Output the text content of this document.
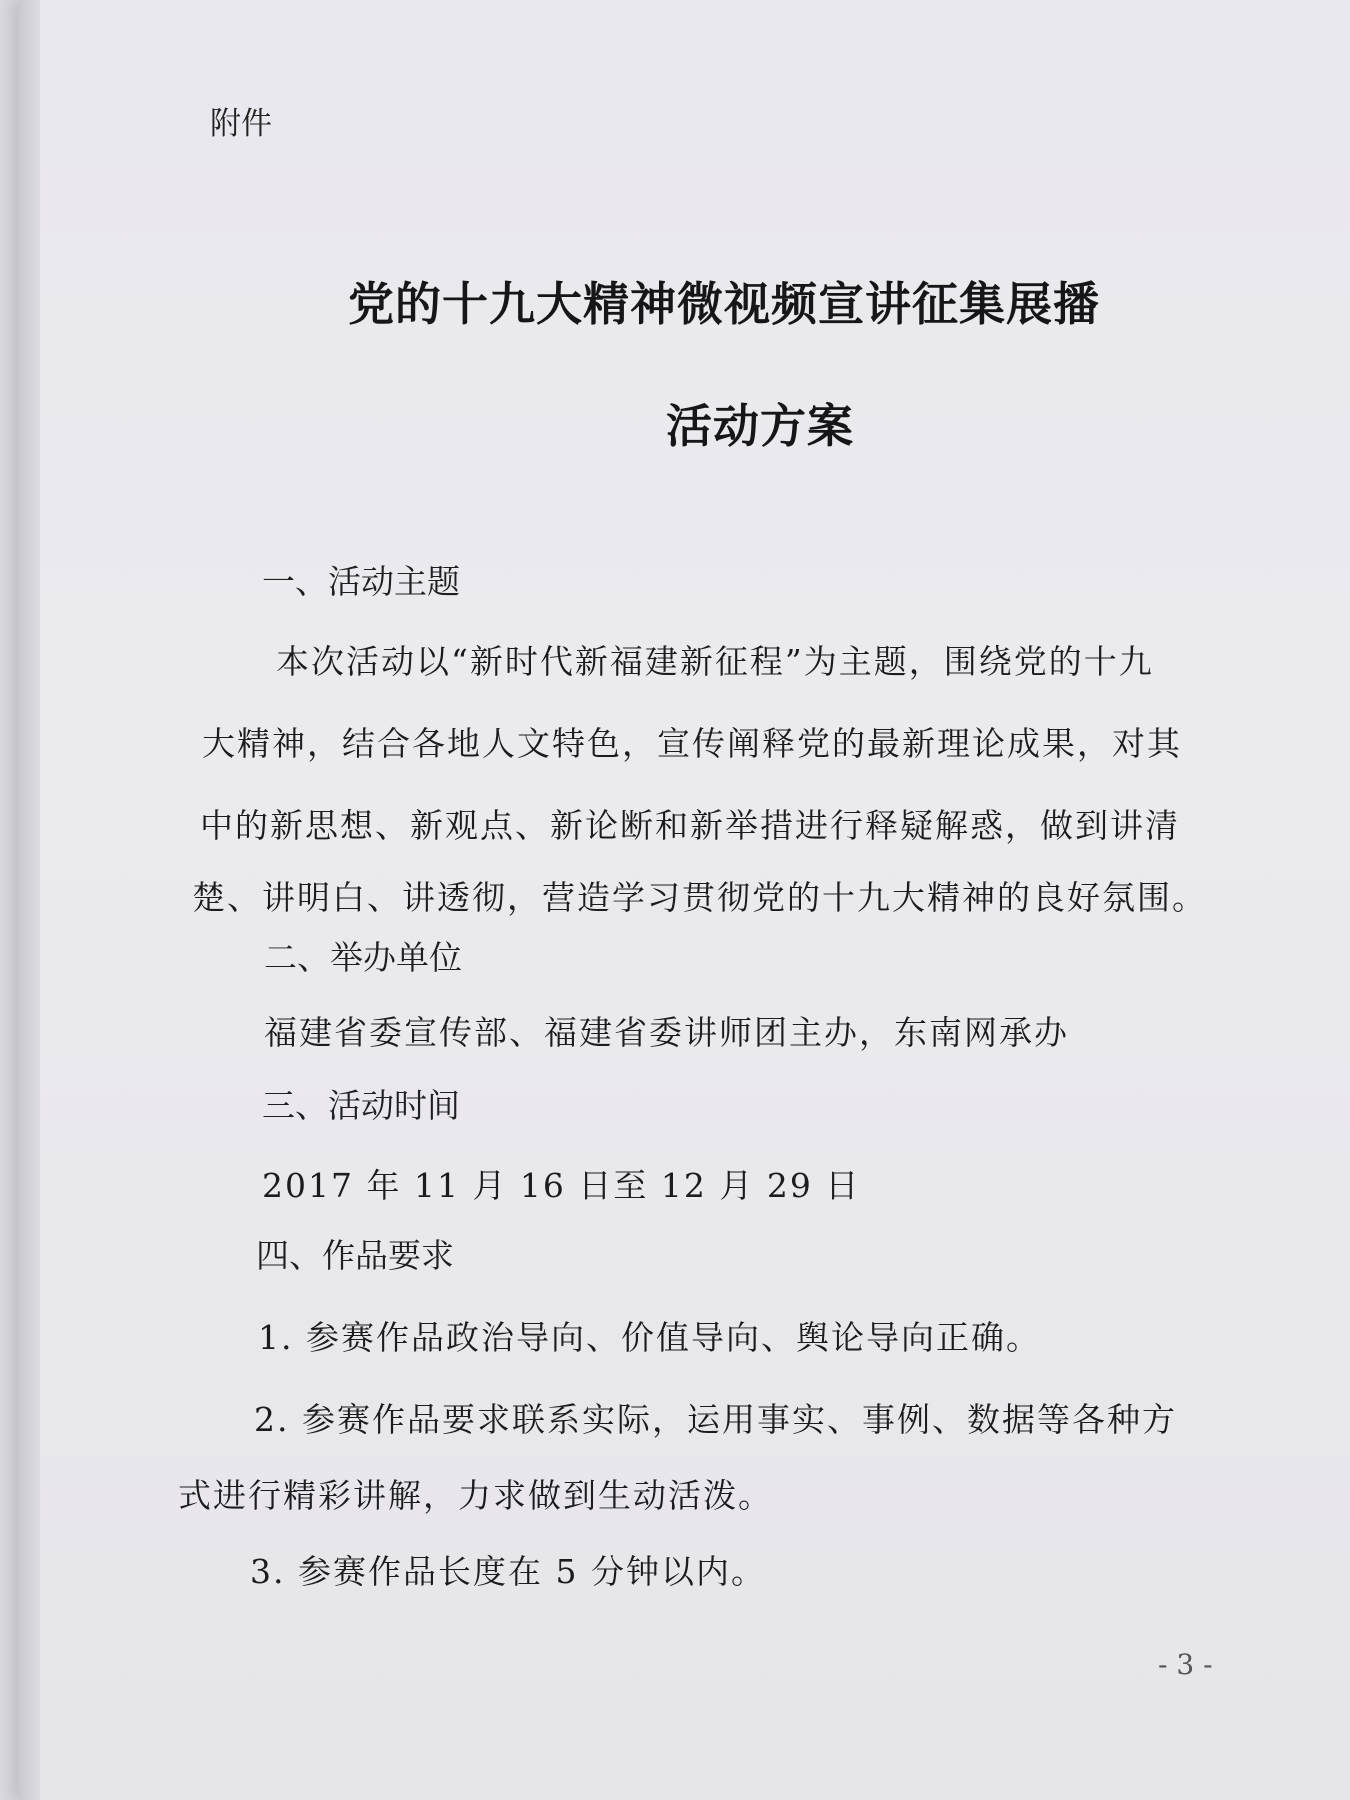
附件
党的十九大精神微视频宣讲征集展播
活动方案
一、活动主题
本次活动以“新时代新福建新征程”为主题，围绕党的十九
大精神，结合各地人文特色，宣传阐释党的最新理论成果，对其
中的新思想、新观点、新论断和新举措进行释疑解惑，做到讲清
楚、讲明白、讲透彻，营造学习贯彻党的十九大精神的良好氛围。
二、举办单位
福建省委宣传部、福建省委讲师团主办，东南网承办
三、活动时间
2017 年 11 月 16 日至 12 月 29 日
四、作品要求
1. 参赛作品政治导向、价值导向、舆论导向正确。
2. 参赛作品要求联系实际，运用事实、事例、数据等各种方
式进行精彩讲解，力求做到生动活泼。
3. 参赛作品长度在 5 分钟以内。
- 3 -
